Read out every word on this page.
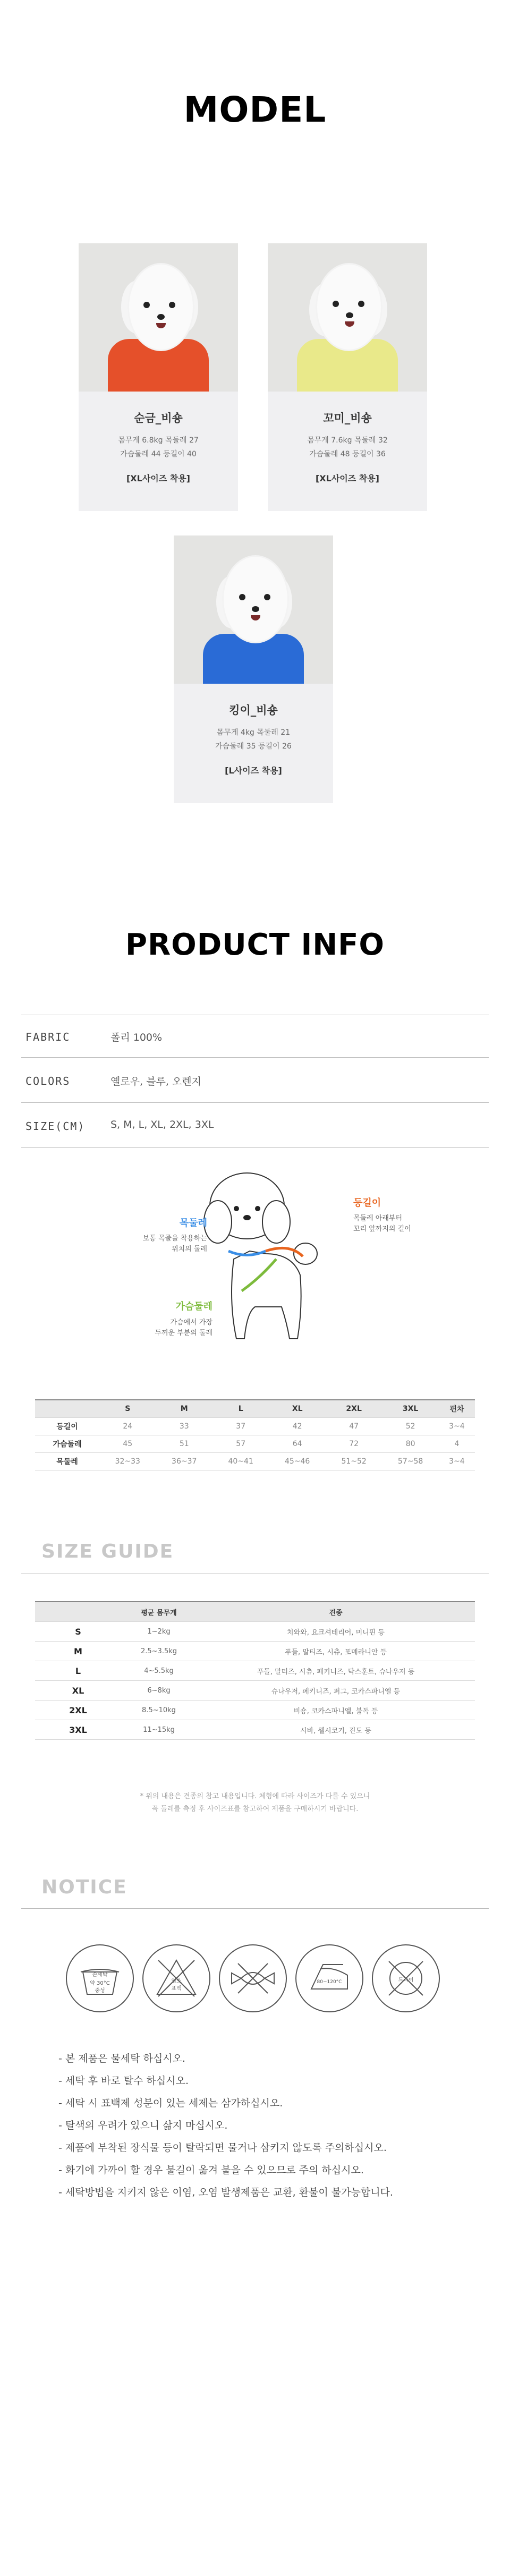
MODEL
순금_비숑
몸무게 6.8kg 목둘레 27
가슴둘레 44 등길이 40
[XL사이즈 착용]
꼬미_비숑
몸무게 7.6kg 목둘레 32
가슴둘레 48 등길이 36
[XL사이즈 착용]
킹이_비숑
몸무게 4kg 목둘레 21
가슴둘레 35 등길이 26
[L사이즈 착용]
PRODUCT INFO
FABRIC	폴리 100%
COLORS	옐로우, 블루, 오렌지
SIZE(CM)	S, M, L, XL, 2XL, 3XL
목둘레
보통 목줄을 착용하는
위치의 둘레
등길이
목둘레 아래부터
꼬리 앞까지의 길이
가슴둘레
가슴에서 가장
두꺼운 부분의 둘레
	S	M	L	XL	2XL	3XL	편차
등길이	24	33	37	42	47	52	3~4
가슴둘레	45	51	57	64	72	80	4
목둘레	32~33	36~37	40~41	45~46	51~52	57~58	3~4
SIZE GUIDE
	평균 몸무게	견종
S	1~2kg	치와와, 요크셔테리어, 미니핀 등
M	2.5~3.5kg	푸들, 말티즈, 시츄, 포메라니안 등
L	4~5.5kg	푸들, 말티즈, 시츄, 페키니즈, 닥스훈트, 슈나우저 등
XL	6~8kg	슈나우저, 페키니즈, 퍼그, 코카스파니엘 등
2XL	8.5~10kg	비숑, 코카스파니엘, 불독 등
3XL	11~15kg	시바, 웰시코기, 진도 등
* 위의 내용은 견종의 참고 내용입니다. 체형에 따라 사이즈가 다를 수 있으니
꼭 둘레를 측정 후 사이즈표를 참고하여 제품을 구매하시기 바랍니다.
NOTICE
손세탁
약 30°C
중성
염소
표백
80~120°C	드라이
- 본 제품은 물세탁 하십시오.
- 세탁 후 바로 탈수 하십시오.
- 세탁 시 표백제 성분이 있는 세제는 삼가하십시오.
- 탈색의 우려가 있으니 삶지 마십시오.
- 제품에 부착된 장식물 등이 탈락되면 물거나 삼키지 않도록 주의하십시오.
- 화기에 가까이 할 경우 불길이 옮겨 붙을 수 있으므로 주의 하십시오.
- 세탁방법을 지키지 않은 이염, 오염 발생제품은 교환, 환불이 불가능합니다.
